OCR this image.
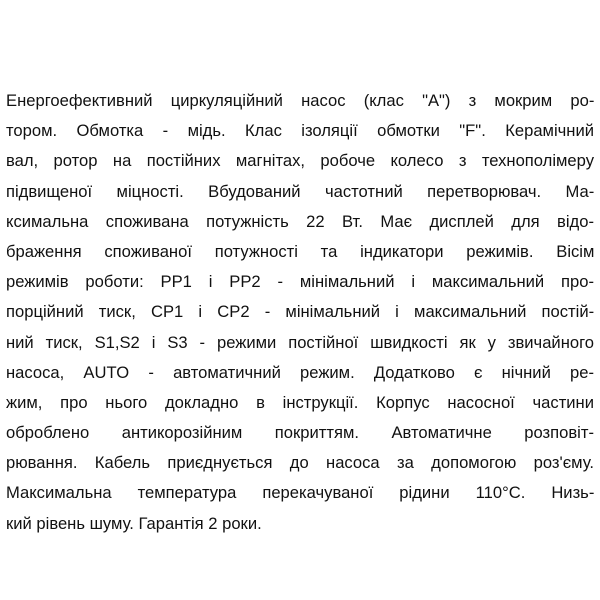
Енергоефективний циркуляційний насос (клас "А") з мокрим ро-
тором. Обмотка - мідь. Клас ізоляції обмотки "F". Керамічний
вал, ротор на постійних магнітах, робоче колесо з технополімеру
підвищеної міцності. Вбудований частотний перетворювач. Ма-
ксимальна споживана потужність 22 Вт. Має дисплей для відо-
браження споживаної потужності та індикатори режимів. Вісім
режимів роботи: PP1 і PP2 - мінімальний і максимальний про-
порційний тиск, CP1 і CP2 - мінімальний і максимальний постій-
ний тиск, S1,S2 і S3 - режими постійної швидкості як у звичайного
насоса, AUTO - автоматичний режим. Додатково є нічний ре-
жим, про нього докладно в інструкції. Корпус насосної частини
оброблено антикорозійним покриттям. Автоматичне розповіт-
рювання. Кабель приєднується до насоса за допомогою роз'єму.
Максимальна температура перекачуваної рідини 110°С. Низь-
кий рівень шуму. Гарантія 2 роки.
